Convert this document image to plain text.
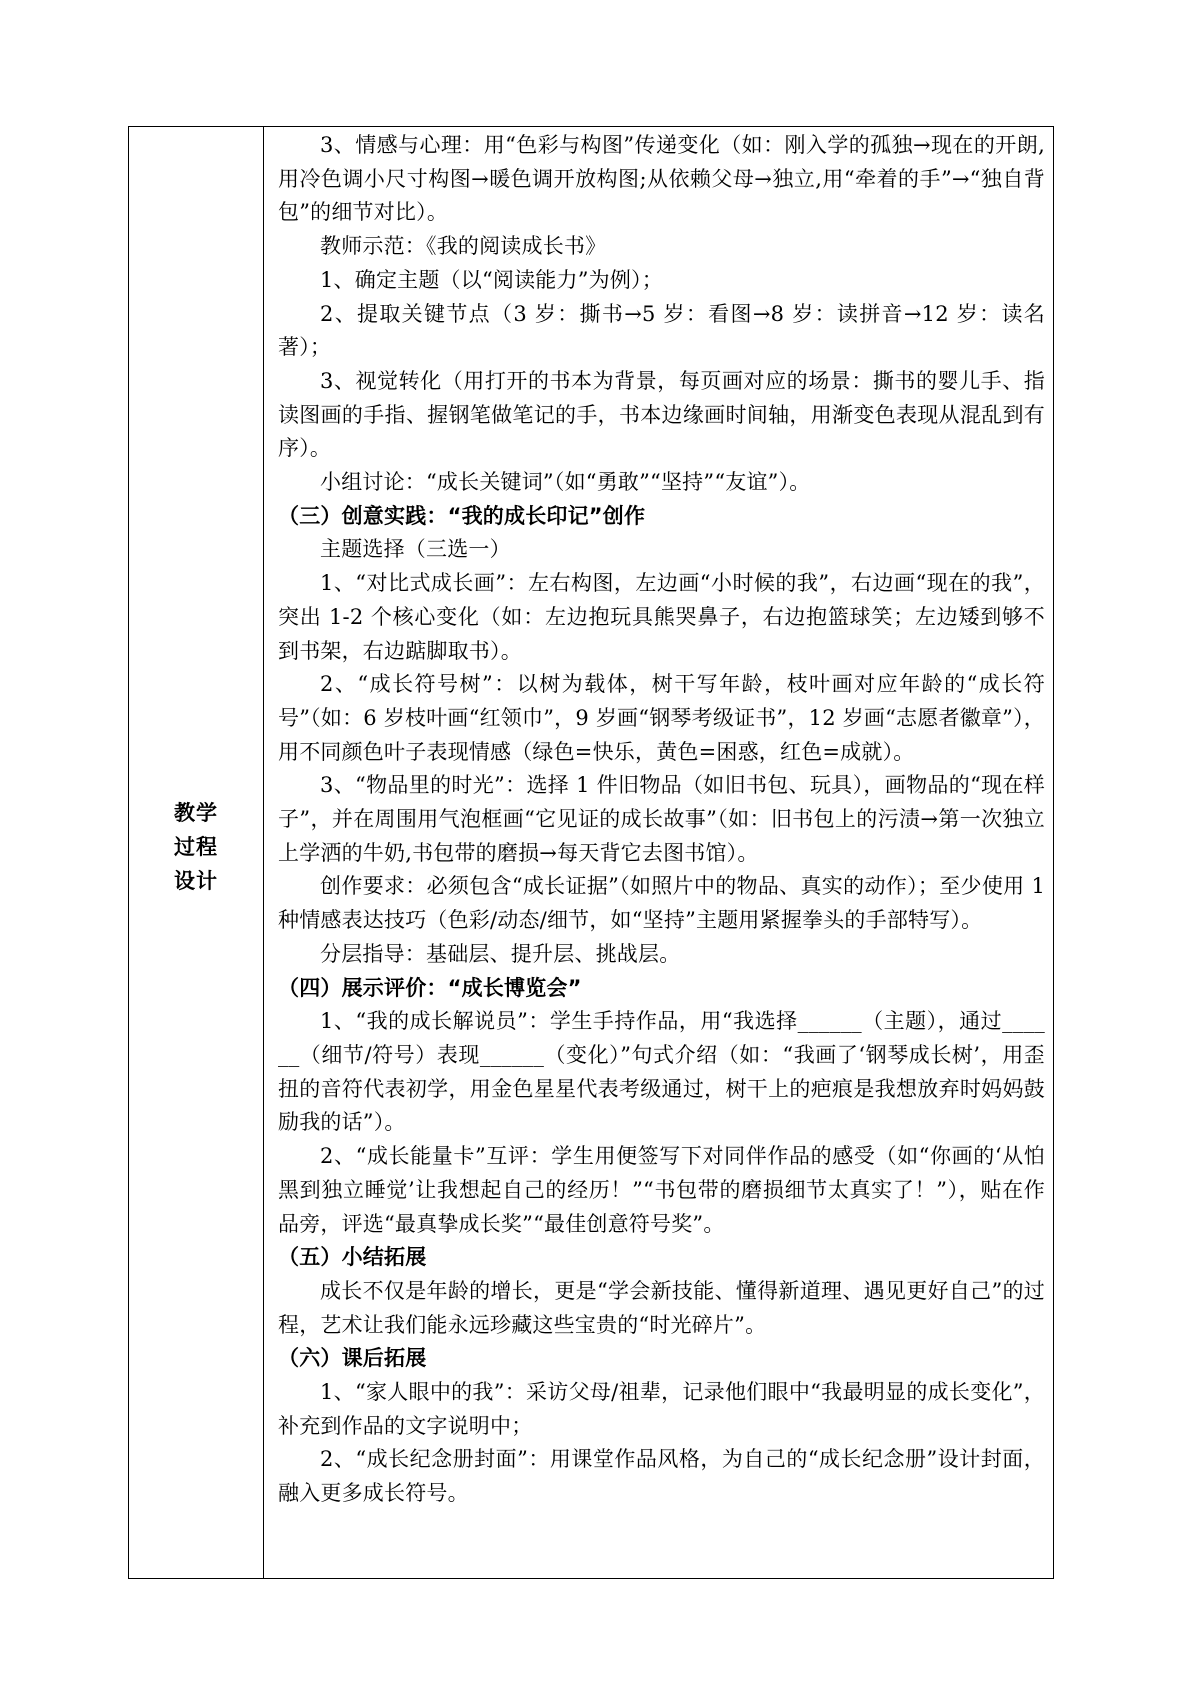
教学过程设计

3、情感与心理：用“色彩与构图”传递变化（如：刚入学的孤独→现在的开朗,用冷色调小尺寸构图→暖色调开放构图;从依赖父母→独立,用“牵着的手”→“独自背包”的细节对比）。

教师示范：《我的阅读成长书》

1、确定主题（以“阅读能力”为例）；

2、提取关键节点（3 岁：撕书→5 岁：看图→8 岁：读拼音→12 岁：读名著）；

3、视觉转化（用打开的书本为背景，每页画对应的场景：撕书的婴儿手、指读图画的手指、握钢笔做笔记的手，书本边缘画时间轴，用渐变色表现从混乱到有序）。

小组讨论：“成长关键词”（如“勇敢”“坚持”“友谊”）。

（三）创意实践：“我的成长印记”创作

主题选择（三选一）

1、“对比式成长画”：左右构图，左边画“小时候的我”，右边画“现在的我”，突出 1-2 个核心变化（如：左边抱玩具熊哭鼻子，右边抱篮球笑；左边矮到够不到书架，右边踮脚取书）。

2、“成长符号树”：以树为载体，树干写年龄，枝叶画对应年龄的“成长符号”（如：6 岁枝叶画“红领巾”，9 岁画“钢琴考级证书”，12 岁画“志愿者徽章”），用不同颜色叶子表现情感（绿色=快乐，黄色=困惑，红色=成就）。

3、“物品里的时光”：选择 1 件旧物品（如旧书包、玩具），画物品的“现在样子”，并在周围用气泡框画“它见证的成长故事”（如：旧书包上的污渍→第一次独立上学洒的牛奶,书包带的磨损→每天背它去图书馆）。

创作要求：必须包含“成长证据”（如照片中的物品、真实的动作）；至少使用 1 种情感表达技巧（色彩/动态/细节，如“坚持”主题用紧握拳头的手部特写）。

分层指导：基础层、提升层、挑战层。

（四）展示评价：“成长博览会”

1、“我的成长解说员”：学生手持作品，用“我选择______（主题），通过______（细节/符号）表现______（变化）”句式介绍（如：“我画了‘钢琴成长树’，用歪扭的音符代表初学，用金色星星代表考级通过，树干上的疤痕是我想放弃时妈妈鼓励我的话”）。

2、“成长能量卡”互评：学生用便签写下对同伴作品的感受（如“你画的‘从怕黑到独立睡觉’让我想起自己的经历！”“书包带的磨损细节太真实了！”），贴在作品旁，评选“最真挚成长奖”“最佳创意符号奖”。

（五）小结拓展

成长不仅是年龄的增长，更是“学会新技能、懂得新道理、遇见更好自己”的过程，艺术让我们能永远珍藏这些宝贵的“时光碎片”。

（六）课后拓展

1、“家人眼中的我”：采访父母/祖辈，记录他们眼中“我最明显的成长变化”，补充到作品的文字说明中；

2、“成长纪念册封面”：用课堂作品风格，为自己的“成长纪念册”设计封面，融入更多成长符号。
